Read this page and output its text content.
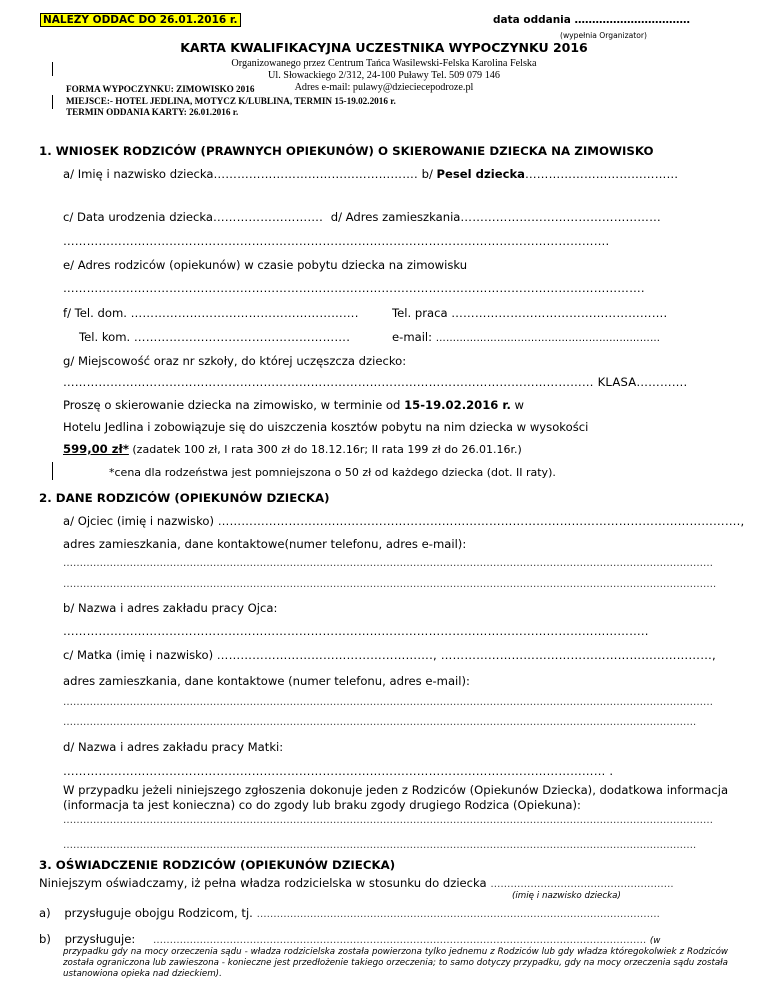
NALEŻY ODDAĆ DO 26.01.2016 r.	data oddania ……………………………
(wypełnia Organizator)
KARTA KWALIFIKACYJNA UCZESTNIKA WYPOCZYNKU 2016
Organizowanego przez Centrum Tańca Wasilewski-Felska Karolina Felska
Ul. Słowackiego 2/312, 24-100 Puławy Tel. 509 079 146
Adres e-mail: pulawy@dzieciecepodroze.pl
FORMA WYPOCZYNKU: ZIMOWISKO 2016
MIEJSCE:- HOTEL JEDLINA, MOTYCZ K/LUBLINA, TERMIN 15-19.02.2016 r.
TERMIN ODDANIA KARTY: 26.01.2016 r.
1. WNIOSEK RODZICÓW (PRAWNYCH OPIEKUNÓW) O SKIEROWANIE DZIECKA NA ZIMOWISKO
a/ Imię i nazwisko dziecka……………………………………………. b/ Pesel dziecka…………………………………
c/ Data urodzenia dziecka………………………. d/ Adres zamieszkania……………………………………………
………………………………………………………………………………………………………………………….
e/ Adres rodziców (opiekunów) w czasie pobytu dziecka na zimowisku
………………………………………………………………………………………………………………………………….
f/ Tel. dom. ………………………………………………….	Tel. praca ……………………………………………….
Tel. kom. ……………………………………………….	e-mail: …………………………………………………………
g/ Miejscowość oraz nr szkoły, do której uczęszcza dziecko:
……………………………………………………………………………………………………………………… KLASA………….
Proszę o skierowanie dziecka na zimowisko, w terminie od 15-19.02.2016 r. w
Hotelu Jedlina i zobowiązuje się do uiszczenia kosztów pobytu na nim dziecka w wysokości
599,00 zł* (zadatek 100 zł, I rata 300 zł do 18.12.16r; II rata 199 zł do 26.01.16r.)
*cena dla rodzeństwa jest pomniejszona o 50 zł od każdego dziecka (dot. II raty).
2. DANE RODZICÓW (OPIEKUNÓW DZIECKA)
a/ Ojciec (imię i nazwisko) …………………………………………………………………………………………………………………….,
adres zamieszkania, dane kontaktowe(numer telefonu, adres e-mail):
……………………………………………………………………………………………………………………………………………………………………………
…………………………………………………………………………………………………………………………………………………………………………….
b/ Nazwa i adres zakładu pracy Ojca:
…………………………………………………………………………………………………………………………………..
c/ Matka (imię i nazwisko) ………………………………………………., ……………………………………………………………,
adres zamieszkania, dane kontaktowe (numer telefonu, adres e-mail):
……………………………………………………………………………………………………………………………………………………………………………
……………………………………………………………………………………………………………………………………………………………………….
d/ Nazwa i adres zakładu pracy Matki:
………………………………………………………………………………………………………………………… .
W przypadku jeżeli niniejszego zgłoszenia dokonuje jeden z Rodziców (Opiekunów Dziecka), dodatkowa informacja
(informacja ta jest konieczna) co do zgody lub braku zgody drugiego Rodzica (Opiekuna):
……………………………………………………………………………………………………………………………………………………………………………
……………………………………………………………………………………………………………………………………………………………………….
3. OŚWIADCZENIE RODZICÓW (OPIEKUNÓW DZIECKA)
Niniejszym oświadczamy, iż pełna władza rodzicielska w stosunku do dziecka ……………………………………………….
(imię i nazwisko dziecka)
a) przysługuje obojgu Rodzicom, tj. ………………………………………………………………………………………………………….
b) przysługuje: …………………………………………………………………………………………………………………………………. (w
przypadku gdy na mocy orzeczenia sądu - władza rodzicielska została powierzona tylko jednemu z Rodziców lub gdy władza któregokolwiek z Rodziców została ograniczona lub zawieszona - konieczne jest przedłożenie takiego orzeczenia; to samo dotyczy przypadku, gdy na mocy orzeczenia sądu została ustanowiona opieka nad dzieckiem).
